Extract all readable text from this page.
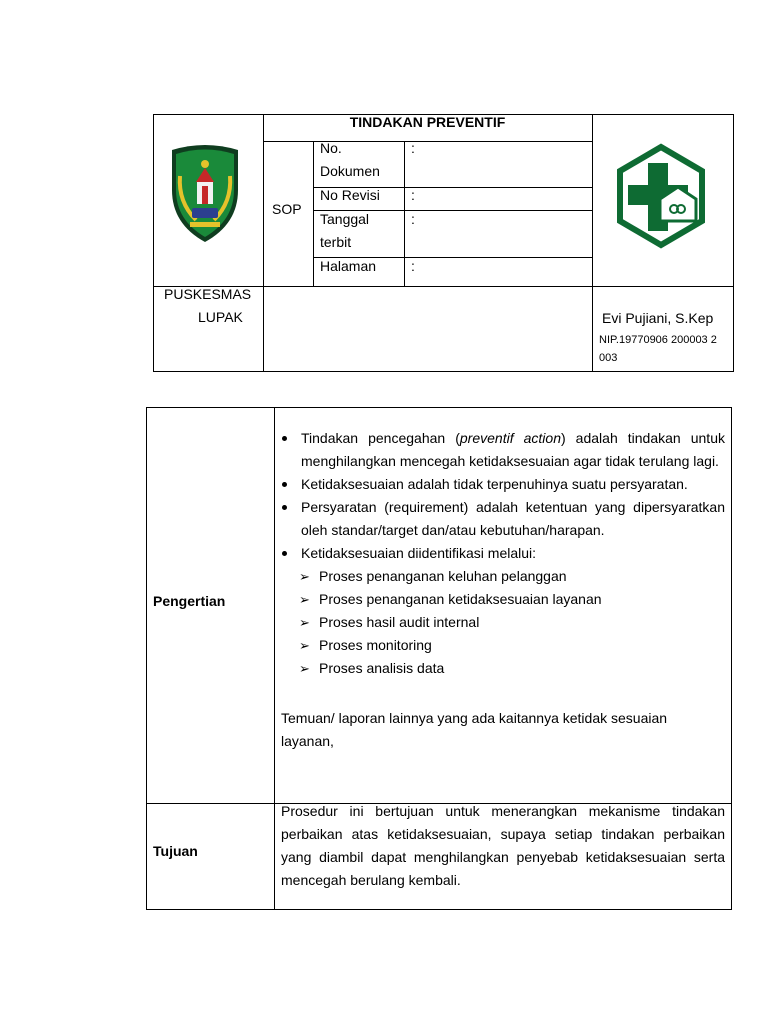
TINDAKAN PREVENTIF
SOP
No.
Dokumen
:
No Revisi :
Tanggal
terbit
:
Halaman :
PUSKESMAS
LUPAK	Evi Pujiani, S.Kep
NIP.19770906 200003 2
003
Pengertian
Tujuan
Tindakan pencegahan (preventif action) adalah tindakan untuk menghilangkan mencegah ketidaksesuaian agar tidak terulang lagi.
Ketidaksesuaian adalah tidak terpenuhinya suatu persyaratan.
Persyaratan (requirement) adalah ketentuan yang dipersyaratkan oleh standar/target dan/atau kebutuhan/harapan.
Ketidaksesuaian diidentifikasi melalui:
➢ Proses penanganan keluhan pelanggan
➢ Proses penanganan ketidaksesuaian layanan
➢ Proses hasil audit internal
➢ Proses monitoring
➢ Proses analisis data
Temuan/ laporan lainnya yang ada kaitannya ketidak sesuaian layanan,
Prosedur ini bertujuan untuk menerangkan mekanisme tindakan perbaikan atas ketidaksesuaian, supaya setiap tindakan perbaikan yang diambil dapat menghilangkan penyebab ketidaksesuaian serta mencegah berulang kembali.
